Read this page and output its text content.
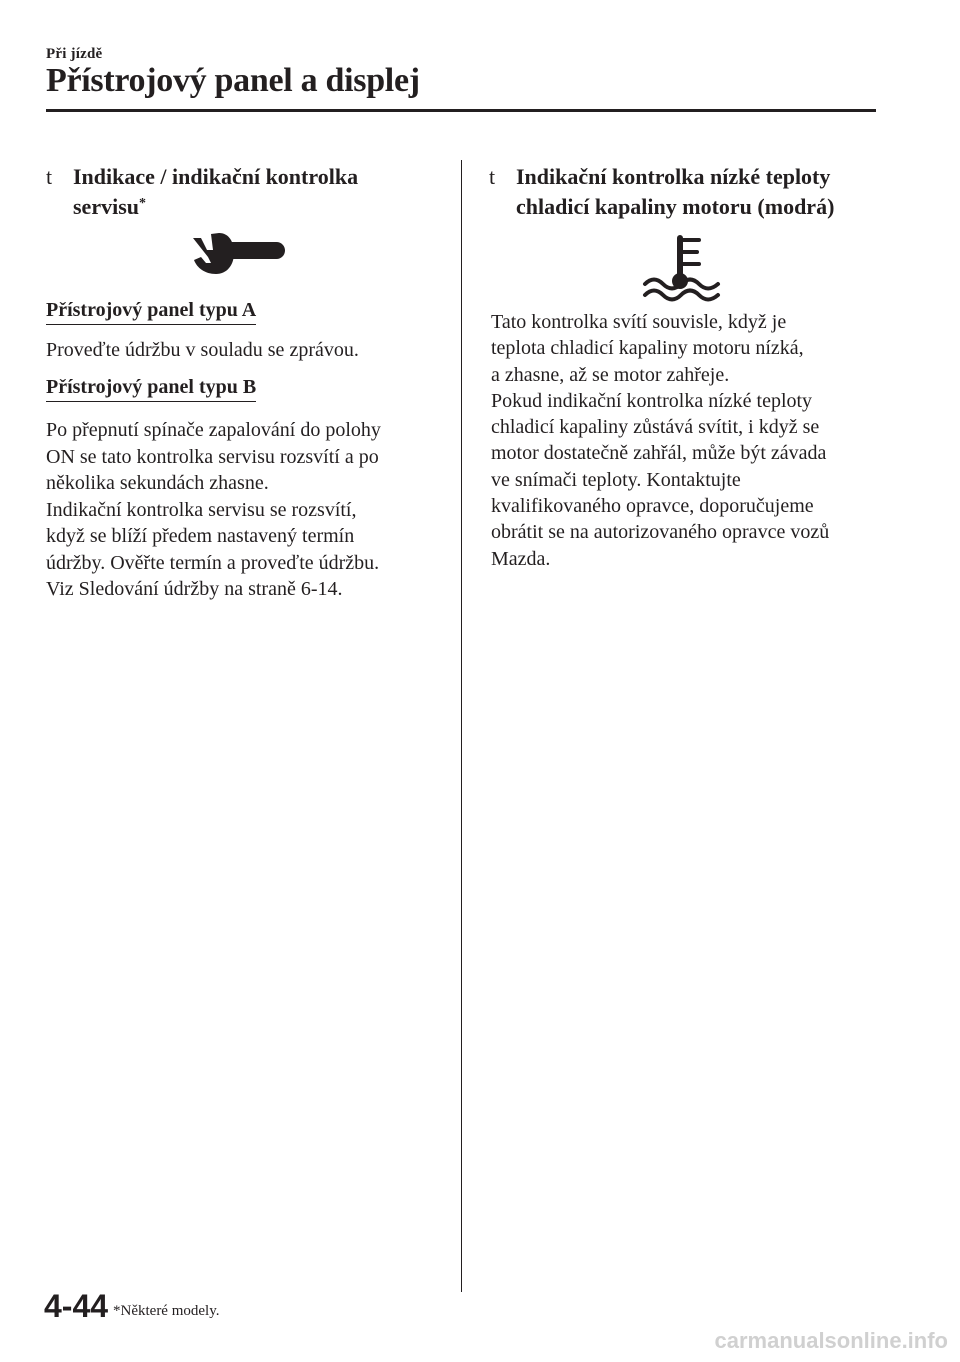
Při jízdě
Přístrojový panel a displej
t Indikace / indikační kontrolka
servisu*
Přístrojový panel typu A
Proveďte údržbu v souladu se zprávou.
Přístrojový panel typu B
Po přepnutí spínače zapalování do polohy
ON se tato kontrolka servisu rozsvítí a po
několika sekundách zhasne.
Indikační kontrolka servisu se rozsvítí,
když se blíží předem nastavený termín
údržby. Ověřte termín a proveďte údržbu.
Viz Sledování údržby na straně 6-14.
t Indikační kontrolka nízké teploty
chladicí kapaliny motoru (modrá)
Tato kontrolka svítí souvisle, když je
teplota chladicí kapaliny motoru nízká,
a zhasne, až se motor zahřeje.
Pokud indikační kontrolka nízké teploty
chladicí kapaliny zůstává svítit, i když se
motor dostatečně zahřál, může být závada
ve snímači teploty. Kontaktujte
kvalifikovaného opravce, doporučujeme
obrátit se na autorizovaného opravce vozů
Mazda.
4-44 *Některé modely.
carmanualsonline.info
